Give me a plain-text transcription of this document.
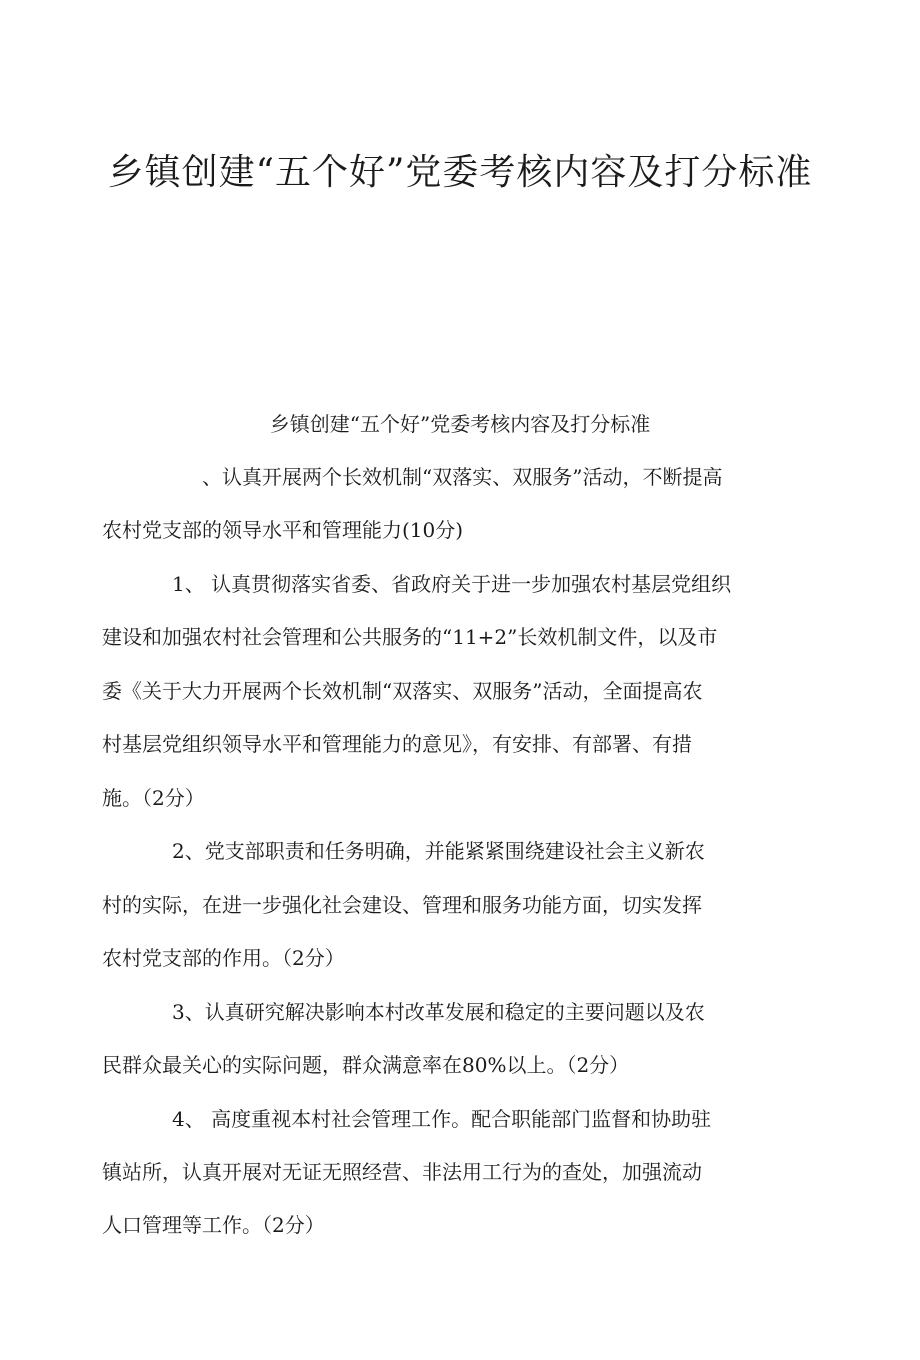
乡镇创建“五个好”党委考核内容及打分标准

乡镇创建“五个好”党委考核内容及打分标准

、认真开展两个长效机制“双落实、双服务”活动，不断提高

农村党支部的领导水平和管理能力(10分)

1、 认真贯彻落实省委、省政府关于进一步加强农村基层党组织

建设和加强农村社会管理和公共服务的“11+2”长效机制文件，以及市

委《关于大力开展两个长效机制“双落实、双服务”活动，全面提高农

村基层党组织领导水平和管理能力的意见》，有安排、有部署、有措

施。（2分）

2、党支部职责和任务明确，并能紧紧围绕建设社会主义新农

村的实际，在进一步强化社会建设、管理和服务功能方面，切实发挥

农村党支部的作用。（2分）

3、认真研究解决影响本村改革发展和稳定的主要问题以及农

民群众最关心的实际问题，群众满意率在80%以上。（2分）

4、 高度重视本村社会管理工作。配合职能部门监督和协助驻

镇站所，认真开展对无证无照经营、非法用工行为的查处，加强流动

人口管理等工作。（2分）
